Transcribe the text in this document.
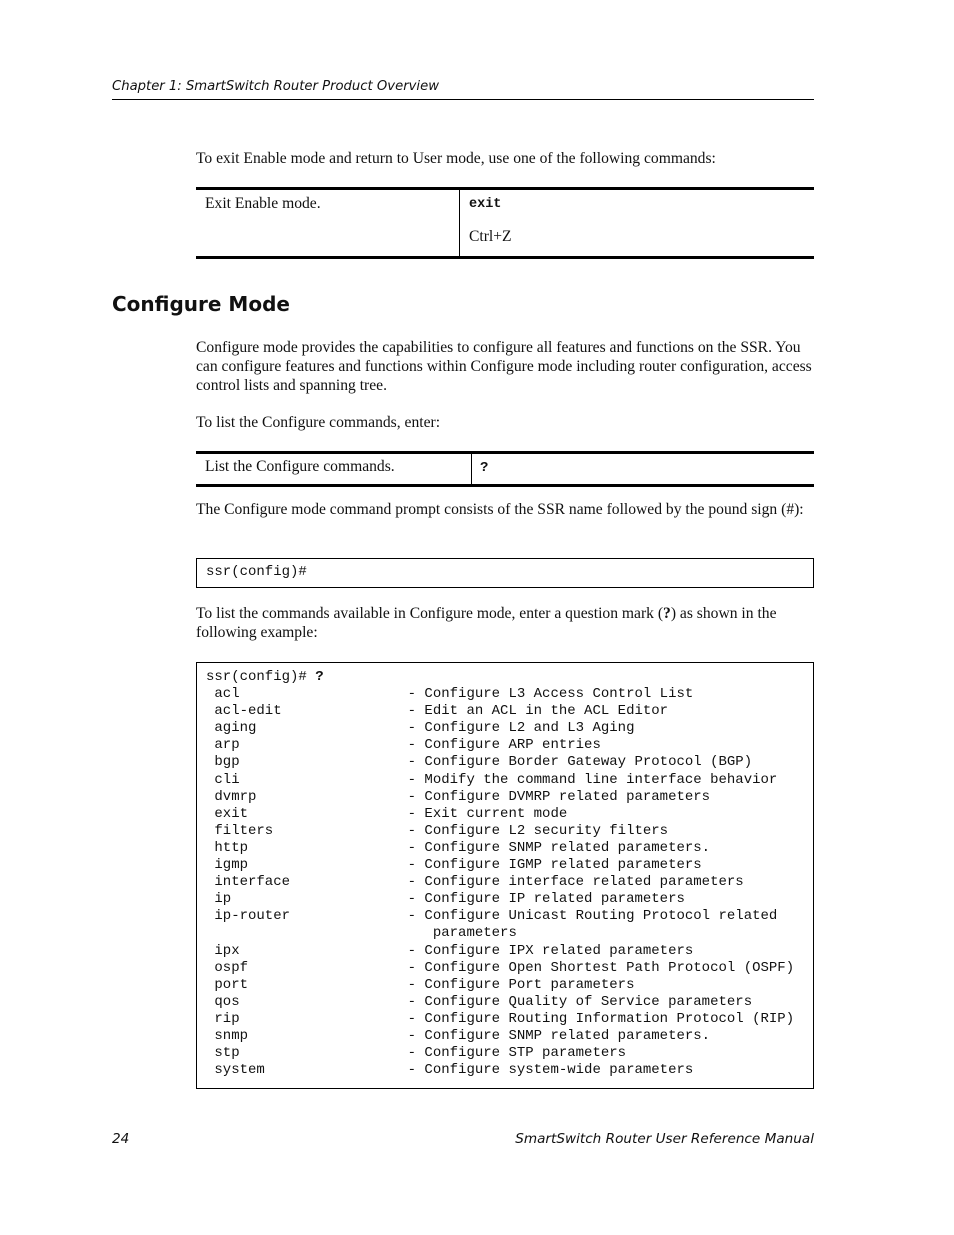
Chapter 1: SmartSwitch Router Product Overview
To exit Enable mode and return to User mode, use one of the following commands:
Exit Enable mode.	exit
Ctrl+Z
Configure Mode
Configure mode provides the capabilities to configure all features and functions on the SSR. You can configure features and functions within Configure mode including router configuration, access control lists and spanning tree.
To list the Configure commands, enter:
List the Configure commands.	?
The Configure mode command prompt consists of the SSR name followed by the pound sign (#):
ssr(config)#
To list the commands available in Configure mode, enter a question mark (?) as shown in the following example:
ssr(config)# ?
acl                    - Configure L3 Access Control List
acl-edit               - Edit an ACL in the ACL Editor
aging                  - Configure L2 and L3 Aging
arp                    - Configure ARP entries
bgp                    - Configure Border Gateway Protocol (BGP)
cli                    - Modify the command line interface behavior
dvmrp                  - Configure DVMRP related parameters
exit                   - Exit current mode
filters                - Configure L2 security filters
http                   - Configure SNMP related parameters.
igmp                   - Configure IGMP related parameters
interface              - Configure interface related parameters
ip                     - Configure IP related parameters
ip-router              - Configure Unicast Routing Protocol related
parameters
ipx                    - Configure IPX related parameters
ospf                   - Configure Open Shortest Path Protocol (OSPF)
port                   - Configure Port parameters
qos                    - Configure Quality of Service parameters
rip                    - Configure Routing Information Protocol (RIP)
snmp                   - Configure SNMP related parameters.
stp                    - Configure STP parameters
system                 - Configure system-wide parameters
24	SmartSwitch Router User Reference Manual
